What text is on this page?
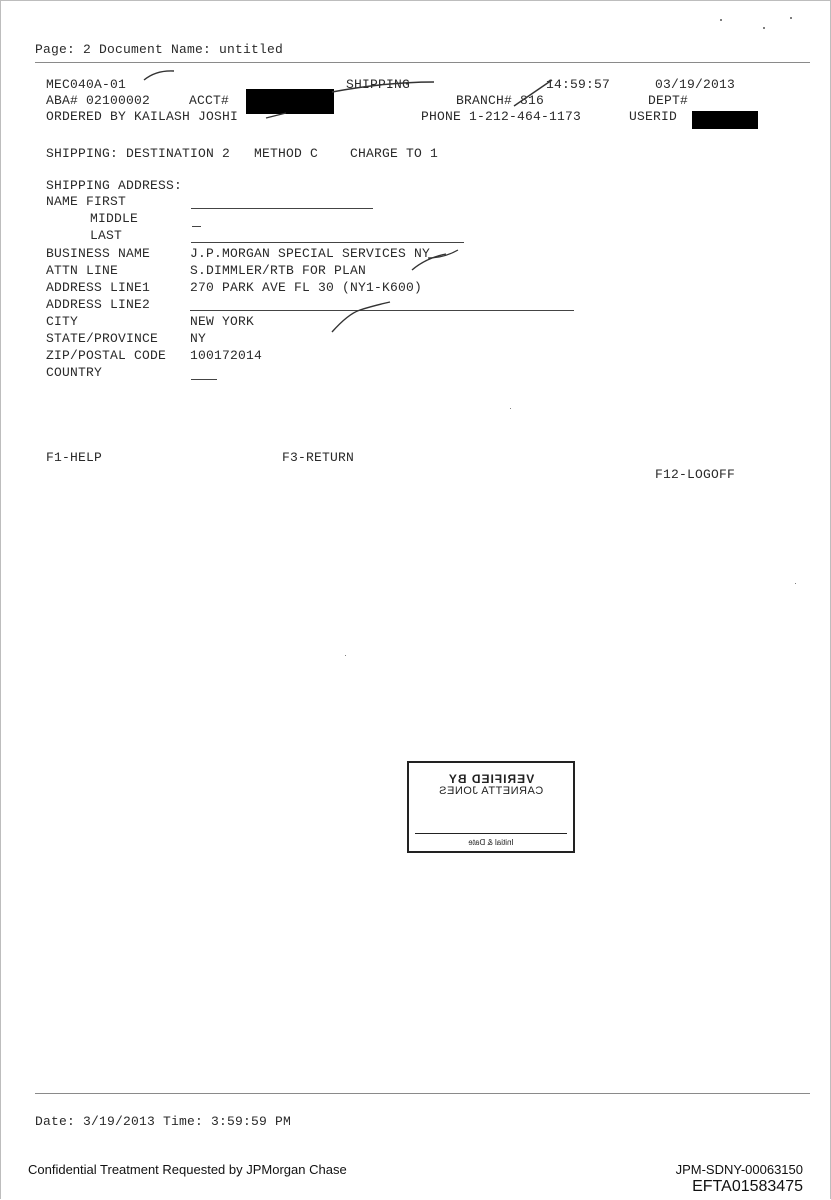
Page: 2 Document Name: untitled
MEC040A-01	SHIPPING	14:59:57	03/19/2013
ABA# 02100002	ACCT#	BRANCH# 816	DEPT#
ORDERED BY KAILASH JOSHI	PHONE 1-212-464-1173	USERID
SHIPPING: DESTINATION 2   METHOD C    CHARGE TO 1
SHIPPING ADDRESS:
NAME FIRST
MIDDLE
LAST
BUSINESS NAME	J.P.MORGAN SPECIAL SERVICES NY
ATTN LINE	S.DIMMLER/RTB FOR PLAN
ADDRESS LINE1	270 PARK AVE FL 30 (NY1-K600)
ADDRESS LINE2
CITY	NEW YORK
STATE/PROVINCE NY
ZIP/POSTAL CODE 100172014
COUNTRY
F1-HELP	F3-RETURN
F12-LOGOFF
VERIFIED BY
CARNETTA JONES
Initial & Date
Date: 3/19/2013 Time: 3:59:59 PM
Confidential Treatment Requested by JPMorgan Chase	JPM-SDNY-00063150
EFTA01583475
